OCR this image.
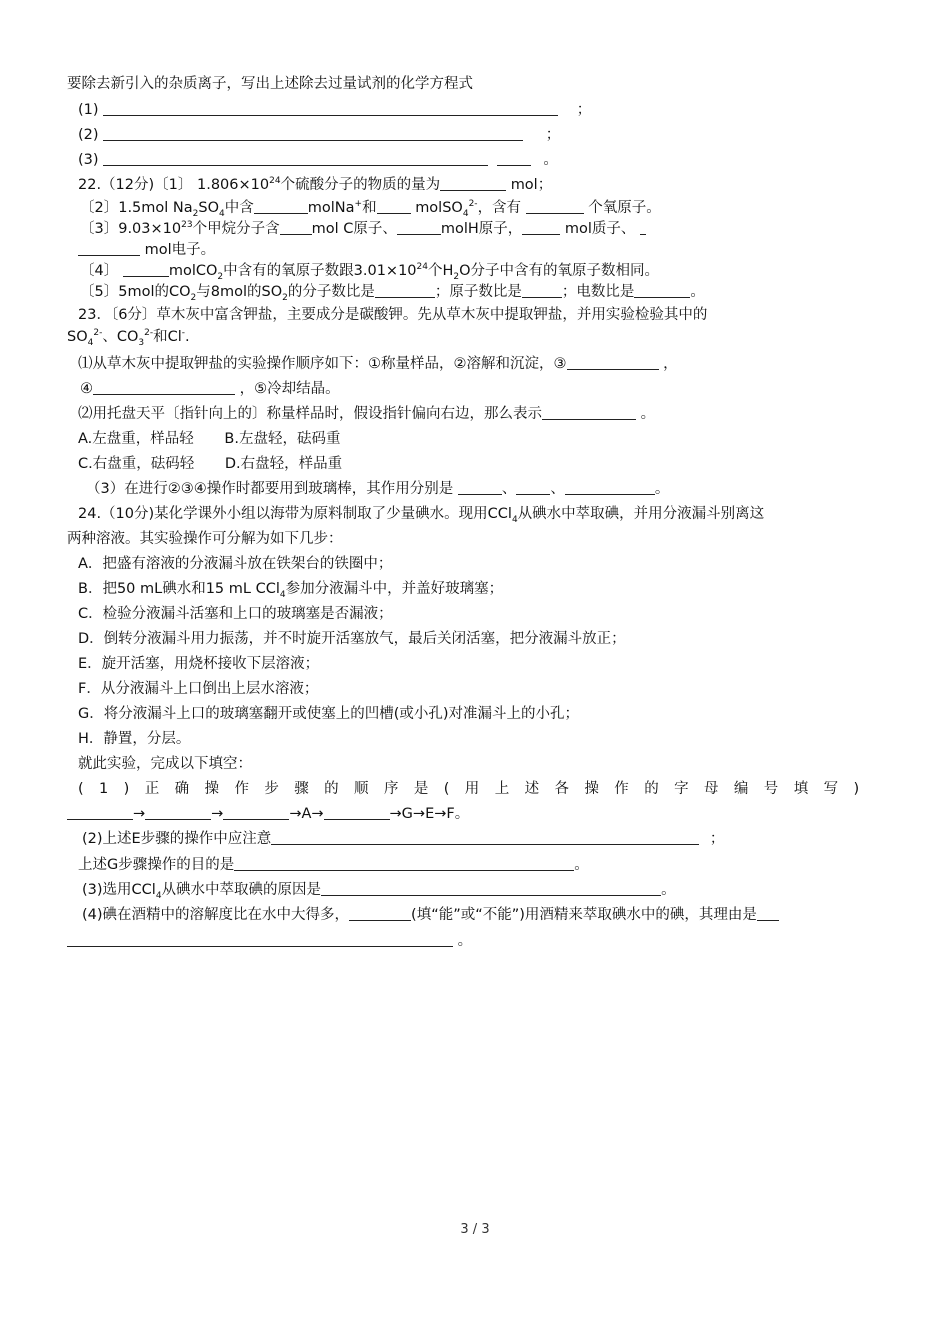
要除去新引入的杂质离子，写出上述除去过量试剂的化学方程式
(1)	；
(2)	；
(3)	。
22.（12分)〔1〕 $1.806\times 10^{24}$个硫酸分子的物质的量为	mol；
〔2〕1.5mol $Na_2SO_4$中含	molNa+和	molSO$_4^{2-}$，含有	个氧原子。
〔3〕$9.03\times 10^{23}$个甲烷分子含 mol C原子、	molH原子，	mol质子、
mol电子。
〔4〕	molCO$_2$中含有的氧原子数跟$3.01\times 10^{24}$个$H_2O$分子中含有的氧原子数相同。
〔5〕5mol的$CO_2$与8mol的$SO_2$的分子数比是	；原子数比是	；电数比是	。
23．〔6分〕草木灰中富含钾盐，主要成分是碳酸钾。先从草木灰中提取钾盐，并用实验检验其中的
$SO_4^{2-}$、$CO_3^{2-}$和Cl-.
⑴从草木灰中提取钾盐的实验操作顺序如下：①称量样品，②溶解和沉淀，③	，
④	，⑤冷却结晶。
⑵用托盘天平〔指针向上的〕称量样品时，假设指针偏向右边，那么表示	。
A.左盘重，样品轻 B.左盘轻，砝码重
C.右盘重，砝码轻 D.右盘轻，样品重
（3）在进行②③④操作时都要用到玻璃棒，其作用分别是	、 、	。
24.（10分)某化学课外小组以海带为原料制取了少量碘水。现用CCl$_4$从碘水中萃取碘，并用分液漏斗别离这
两种溶液。其实验操作可分解为如下几步：
A．把盛有溶液的分液漏斗放在铁架台的铁圈中；
B．把50 mL碘水和15 mL CCl$_4$参加分液漏斗中，并盖好玻璃塞；
C．检验分液漏斗活塞和上口的玻璃塞是否漏液；
D．倒转分液漏斗用力振荡，并不时旋开活塞放气，最后关闭活塞，把分液漏斗放正；
E．旋开活塞，用烧杯接收下层溶液；
F．从分液漏斗上口倒出上层水溶液；
G．将分液漏斗上口的玻璃塞翻开或使塞上的凹槽(或小孔)对准漏斗上的小孔；
H．静置，分层。
就此实验，完成以下填空：
(1)正确操作步骤的顺序是(用上述各操作的字母编号填写)
→	→	→A→	→G→E→F。
(2)上述E步骤的操作中应注意	；
上述G步骤操作的目的是	。
(3)选用CCl$_4$从碘水中萃取碘的原因是	。
(4)碘在酒精中的溶解度比在水中大得多，	(填“能”或“不能”)用酒精来萃取碘水中的碘，其理由是
。
3 / 3
